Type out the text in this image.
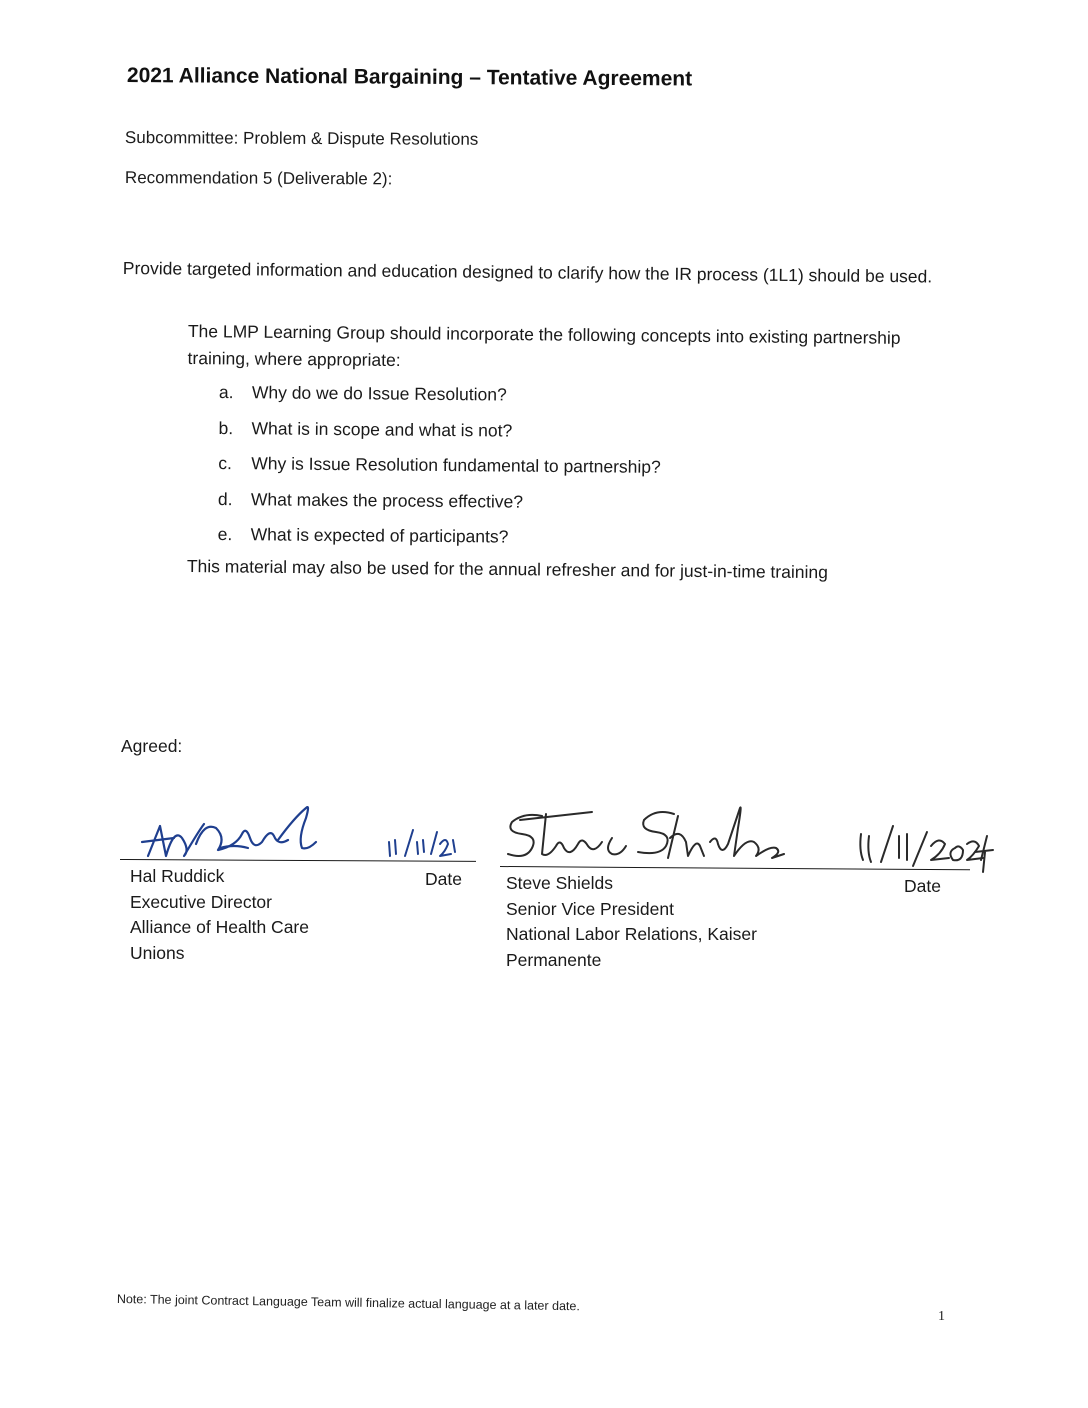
2021 Alliance National Bargaining – Tentative Agreement
Subcommittee: Problem & Dispute Resolutions
Recommendation 5 (Deliverable 2):
Provide targeted information and education designed to clarify how the IR process (1L1) should be used.
The LMP Learning Group should incorporate the following concepts into existing partnership training, where appropriate:
a. Why do we do Issue Resolution?
b. What is in scope and what is not?
c. Why is Issue Resolution fundamental to partnership?
d. What makes the process effective?
e. What is expected of participants?
This material may also be used for the annual refresher and for just-in-time training
Agreed:
Hal Ruddick
Executive Director
Alliance of Health Care
Unions
Date	Steve Shields
Senior Vice President
National Labor Relations, Kaiser
Permanente
Date
Note: The joint Contract Language Team will finalize actual language at a later date.
1
